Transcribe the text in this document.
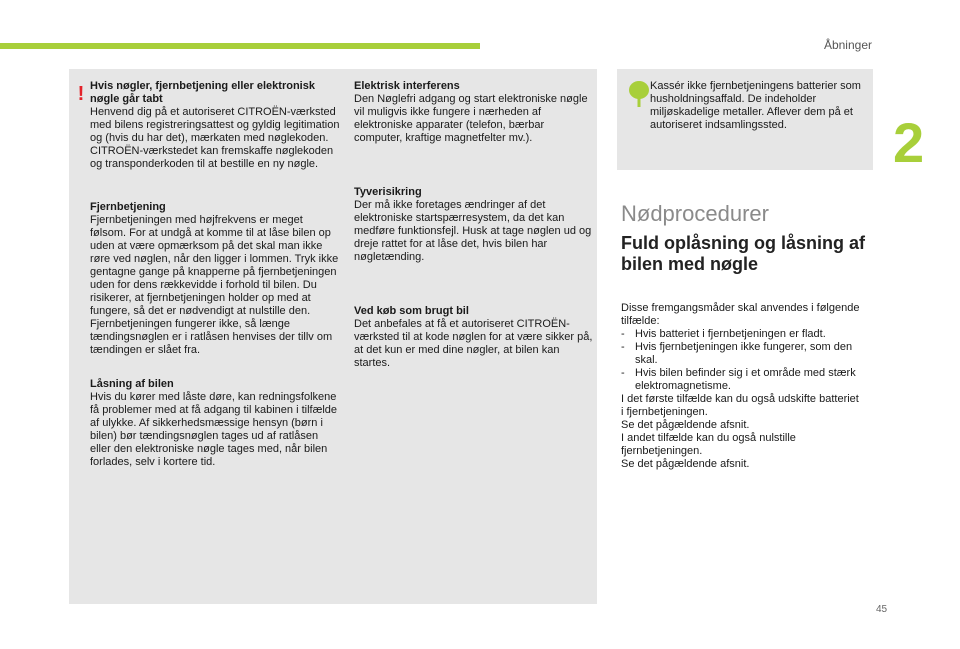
Åbninger
2
! Hvis nøgler, fjernbetjening eller elektronisk nøgle går tabt

Henvend dig på et autoriseret CITROËN-værksted med bilens registreringsattest og gyldig legitimation og (hvis du har det), mærkaten med nøglekoden. CITROËN-værkstedet kan fremskaffe nøglekoden og transponderkoden til at bestille en ny nøgle.

Fjernbetjening

Fjernbetjeningen med højfrekvens er meget følsom. For at undgå at komme til at låse bilen op uden at være opmærksom på det skal man ikke røre ved nøglen, når den ligger i lommen. Tryk ikke gentagne gange på knapperne på fjernbetjeningen uden for dens rækkevidde i forhold til bilen. Du risikerer, at fjernbetjeningen holder op med at fungere, så det er nødvendigt at nulstille den. Fjernbetjeningen fungerer ikke, så længe tændingsnøglen er i ratlåsen henvises der tillv om tændingen er slået fra.

Låsning af bilen

Hvis du kører med låste døre, kan redningsfolkene få problemer med at få adgang til kabinen i tilfælde af ulykke. Af sikkerhedsmæssige hensyn (børn i bilen) bør tændingsnøglen tages ud af ratlåsen eller den elektroniske nøgle tages med, når bilen forlades, selv i kortere tid.

Elektrisk interferens

Den Nøglefri adgang og start elektroniske nøgle vil muligvis ikke fungere i nærheden af elektroniske apparater (telefon, bærbar computer, kraftige magnetfelter mv.).

Tyverisikring

Der må ikke foretages ændringer af det elektroniske startspærresystem, da det kan medføre funktionsfejl. Husk at tage nøglen ud og dreje rattet for at låse det, hvis bilen har nøgletænding.

Ved køb som brugt bil

Det anbefales at få et autoriseret CITROËN-værksted til at kode nøglen for at være sikker på, at det kun er med dine nøgler, at bilen kan startes.

Kassér ikke fjernbetjeningens batterier som husholdningsaffald. De indeholder miljøskadelige metaller. Aflever dem på et autoriseret indsamlingssted.

Nødprocedurer
Fuld oplåsning og låsning af bilen med nøgle

Disse fremgangsmåder skal anvendes i følgende tilfælde:

- Hvis batteriet i fjernbetjeningen er fladt.
- Hvis fjernbetjeningen ikke fungerer, som den skal.
- Hvis bilen befinder sig i et område med stærk elektromagnetisme.

I det første tilfælde kan du også udskifte batteriet i fjernbetjeningen.

Se det pågældende afsnit.

I andet tilfælde kan du også nulstille fjernbetjeningen.

Se det pågældende afsnit.

45
